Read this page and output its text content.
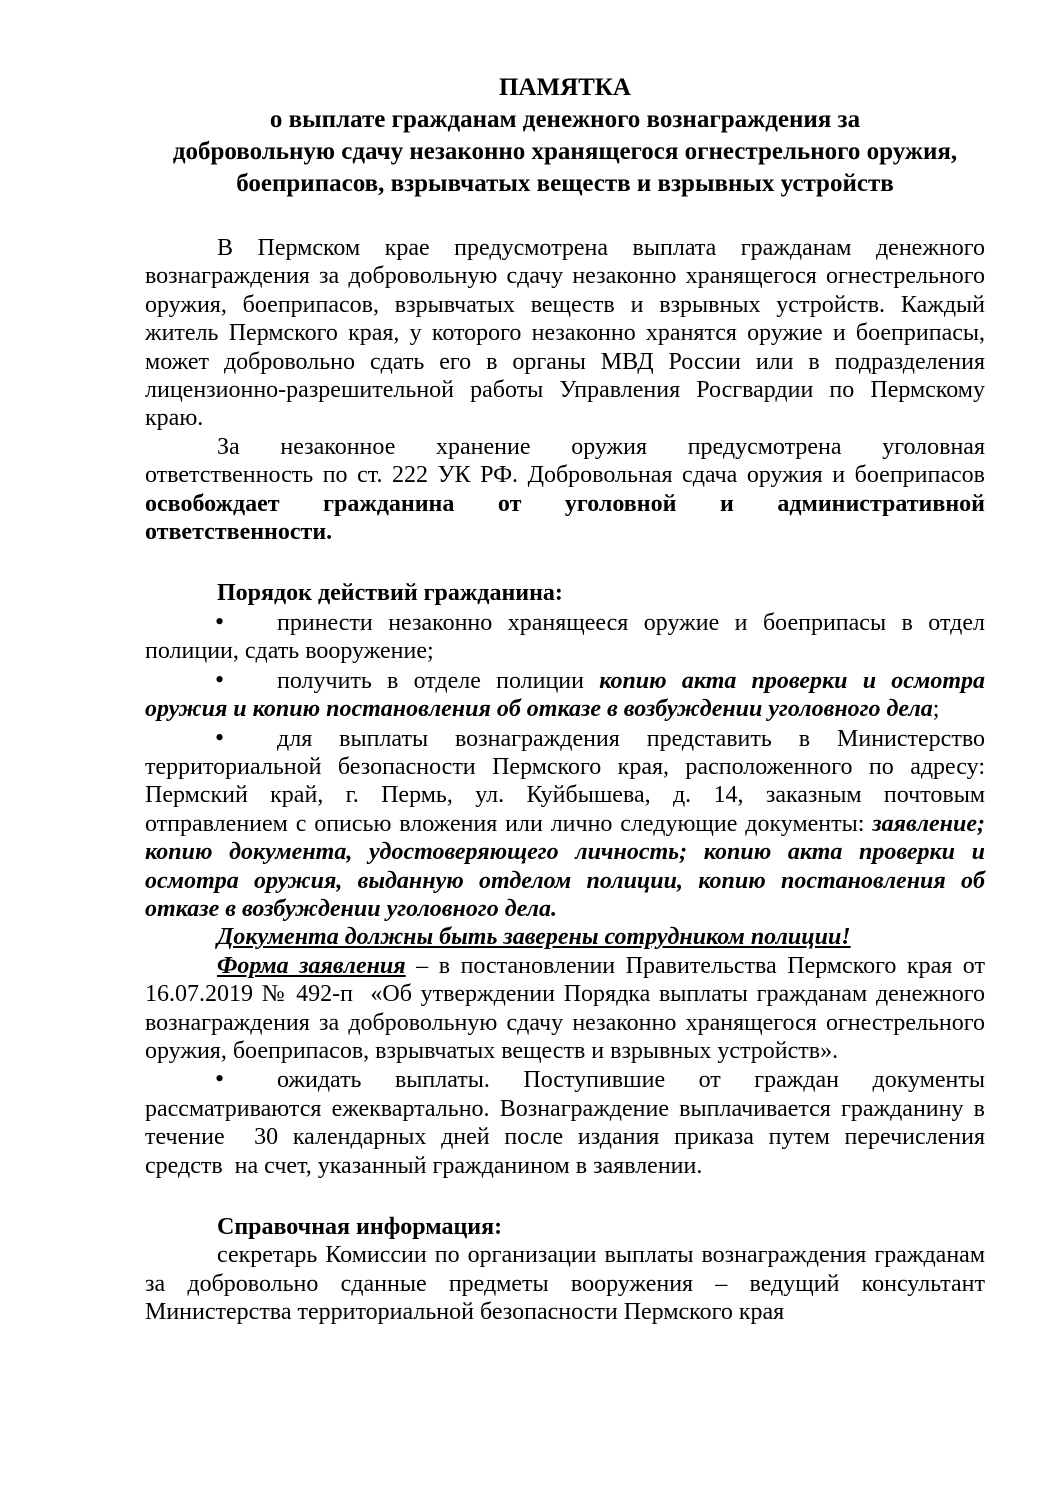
ПАМЯТКА
о выплате гражданам денежного вознаграждения за
добровольную сдачу незаконно хранящегося огнестрельного оружия,
боеприпасов, взрывчатых веществ и взрывных устройств

В Пермском крае предусмотрена выплата гражданам денежного вознаграждения за добровольную сдачу незаконно хранящегося огнестрельного оружия, боеприпасов, взрывчатых веществ и взрывных устройств. Каждый житель Пермского края, у которого незаконно хранятся оружие и боеприпасы, может добровольно сдать его в органы МВД России или в подразделения лицензионно-разрешительной работы Управления Росгвардии по Пермскому краю.

За незаконное хранение оружия предусмотрена уголовная ответственность по ст. 222 УК РФ. Добровольная сдача оружия и боеприпасов освобождает гражданина от уголовной и административной ответственности.

Порядок действий гражданина:

• принести незаконно хранящееся оружие и боеприпасы в отдел полиции, сдать вооружение;

• получить в отделе полиции копию акта проверки и осмотра оружия и копию постановления об отказе в возбуждении уголовного дела;

• для выплаты вознаграждения представить в Министерство территориальной безопасности Пермского края, расположенного по адресу: Пермский край, г. Пермь, ул. Куйбышева, д. 14, заказным почтовым отправлением с описью вложения или лично следующие документы: заявление; копию документа, удостоверяющего личность; копию акта проверки и осмотра оружия, выданную отделом полиции, копию постановления об отказе в возбуждении уголовного дела.

Документа должны быть заверены сотрудником полиции!

Форма заявления – в постановлении Правительства Пермского края от 16.07.2019 № 492-п  «Об утверждении Порядка выплаты гражданам денежного вознаграждения за добровольную сдачу незаконно хранящегося огнестрельного оружия, боеприпасов, взрывчатых веществ и взрывных устройств».

• ожидать выплаты. Поступившие от граждан документы рассматриваются ежеквартально. Вознаграждение выплачивается гражданину в течение  30 календарных дней после издания приказа путем перечисления средств  на счет, указанный гражданином в заявлении.

Справочная информация:

секретарь Комиссии по организации выплаты вознаграждения гражданам за добровольно сданные предметы вооружения – ведущий консультант Министерства территориальной безопасности Пермского края
